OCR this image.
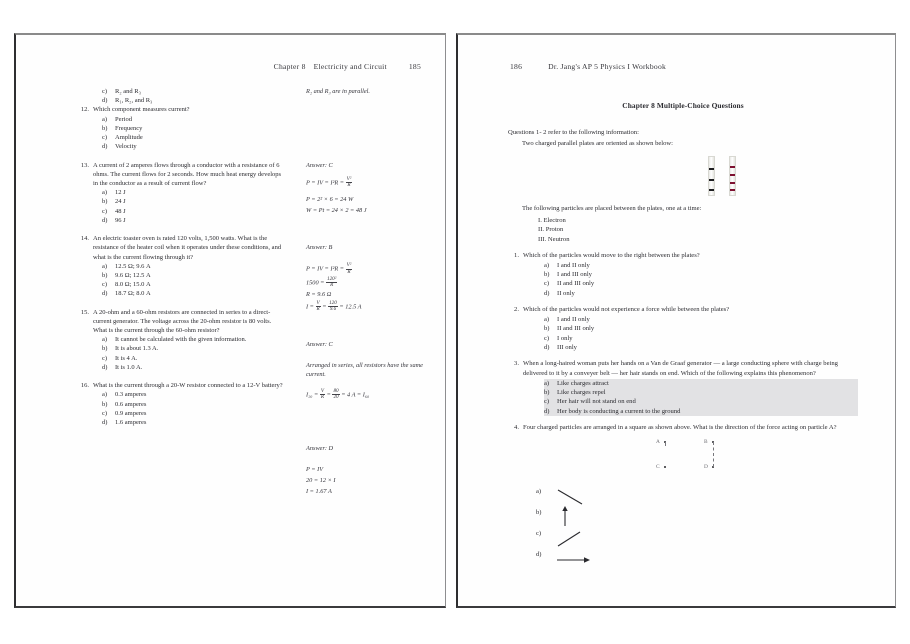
Chapter 8 Electricity and Circuit	185
c)	R₂ and R₃
d)	R₁, R₂, and R₃
12. Which component measures current?
a)	Period
b)	Frequency
c)	Amplitude
d)	Velocity
13. A current of 2 amperes flows through a conductor with a resistance of 6 ohms. The current flows for 2 seconds. How much heat energy develops in the conductor as a result of current flow?
a)	12 J
b)	24 J
c)	48 J
d)	96 J
14. An electric toaster oven is rated 120 volts, 1,500 watts. What is the resistance of the heater coil when it operates under these conditions, and what is the current flowing through it?
a)	12.5 Ω; 9.6 A
b)	9.6 Ω; 12.5 A
c)	8.0 Ω; 15.0 A
d)	18.7 Ω; 8.0 A
15. A 20-ohm and a 60-ohm resistors are connected in series to a direct-current generator. The voltage across the 20-ohm resistor is 80 volts. What is the current through the 60-ohm resistor?
a)	It cannot be calculated with the given information.
b)	It is about 1.3 A.
c)	It is 4 A.
d)	It is 1.0 A.
16. What is the current through a 20-W resistor connected to a 12-V battery?
a)	0.3 amperes
b)	0.6 amperes
c)	0.9 amperes
d)	1.6 amperes
R₂ and R₃ are in parallel.
Answer: C
P = IV = $I^2R = \frac{\text{V²}}{R}$
P = 2² × 6 = 24 W
W = Pt = 24 × 2 = 48 J
Answer: B
P = IV = $I^2R = \frac{\text{V²}}{R}$
$1500 = \frac{\text{120²}}{R}$
R = 9.6 Ω
$I = \frac{V}{R} = \frac{120}{9.6} = 12.5$ A
Answer: C
Arranged in series, all resistors have the same current.
$I_{20} = \frac{V}{R} = \frac{80}{20} = 4$ A = I₆₀
Answer: D
P = IV
20 = 12 × I
I = 1.67 A
186	Dr. Jang's AP 5 Physics I Workbook
Chapter 8 Multiple-Choice Questions
Questions 1- 2 refer to the following information:
Two charged parallel plates are oriented as shown below:
The following particles are placed between the plates, one at a time:
I. Electron
II. Proton
III. Neutron
1. Which of the particles would move to the right between the plates?
a)	I and II only
b)	I and III only
c)	II and III only
d)	II only
2. Which of the particles would not experience a force while between the plates?
a)	I and II only
b)	II and III only
c)	I only
d)	III only
3. When a long-haired woman puts her hands on a Van de Graaf generator — a large conducting sphere with charge being delivered to it by a conveyer belt — her hair stands on end. Which of the following explains this phenomenon?
a)	Like charges attract
b)	Like charges repel
c)	Her hair will not stand on end
d)	Her body is conducting a current to the ground
4. Four charged particles are arranged in a square as shown above. What is the direction of the force acting on particle A?
A	B
C	D
a)
b)
c)
d)
